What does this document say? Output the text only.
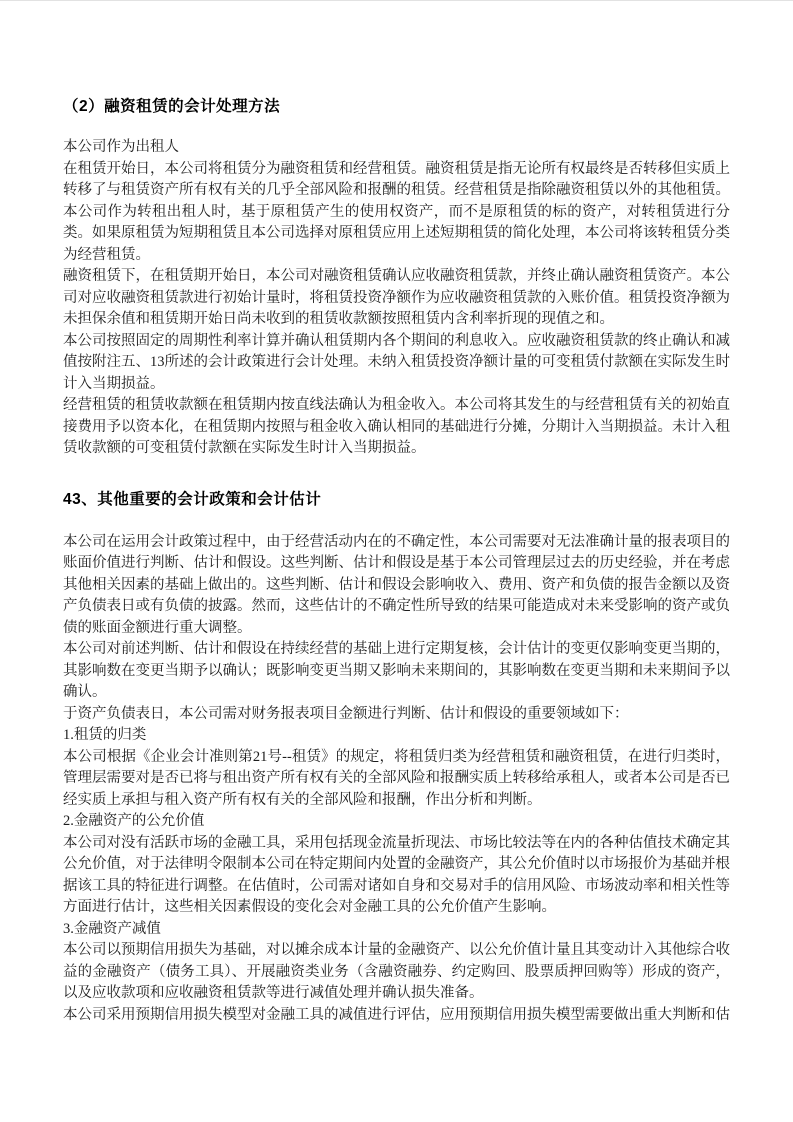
（2）融资租赁的会计处理方法

本公司作为出租人

在租赁开始日，本公司将租赁分为融资租赁和经营租赁。融资租赁是指无论所有权最终是否转移但实质上转移了与租赁资产所有权有关的几乎全部风险和报酬的租赁。经营租赁是指除融资租赁以外的其他租赁。本公司作为转租出租人时，基于原租赁产生的使用权资产，而不是原租赁的标的资产，对转租赁进行分类。如果原租赁为短期租赁且本公司选择对原租赁应用上述短期租赁的简化处理，本公司将该转租赁分类为经营租赁。

融资租赁下，在租赁期开始日，本公司对融资租赁确认应收融资租赁款，并终止确认融资租赁资产。本公司对应收融资租赁款进行初始计量时，将租赁投资净额作为应收融资租赁款的入账价值。租赁投资净额为未担保余值和租赁期开始日尚未收到的租赁收款额按照租赁内含利率折现的现值之和。

本公司按照固定的周期性利率计算并确认租赁期内各个期间的利息收入。应收融资租赁款的终止确认和减值按附注五、13所述的会计政策进行会计处理。未纳入租赁投资净额计量的可变租赁付款额在实际发生时计入当期损益。

经营租赁的租赁收款额在租赁期内按直线法确认为租金收入。本公司将其发生的与经营租赁有关的初始直接费用予以资本化，在租赁期内按照与租金收入确认相同的基础进行分摊，分期计入当期损益。未计入租赁收款额的可变租赁付款额在实际发生时计入当期损益。

43、其他重要的会计政策和会计估计

本公司在运用会计政策过程中，由于经营活动内在的不确定性，本公司需要对无法准确计量的报表项目的账面价值进行判断、估计和假设。这些判断、估计和假设是基于本公司管理层过去的历史经验，并在考虑其他相关因素的基础上做出的。这些判断、估计和假设会影响收入、费用、资产和负债的报告金额以及资产负债表日或有负债的披露。然而，这些估计的不确定性所导致的结果可能造成对未来受影响的资产或负债的账面金额进行重大调整。

本公司对前述判断、估计和假设在持续经营的基础上进行定期复核，会计估计的变更仅影响变更当期的，其影响数在变更当期予以确认；既影响变更当期又影响未来期间的，其影响数在变更当期和未来期间予以确认。

于资产负债表日，本公司需对财务报表项目金额进行判断、估计和假设的重要领域如下：

1.租赁的归类

本公司根据《企业会计准则第21号--租赁》的规定，将租赁归类为经营租赁和融资租赁，在进行归类时，管理层需要对是否已将与租出资产所有权有关的全部风险和报酬实质上转移给承租人，或者本公司是否已经实质上承担与租入资产所有权有关的全部风险和报酬，作出分析和判断。

2.金融资产的公允价值

本公司对没有活跃市场的金融工具，采用包括现金流量折现法、市场比较法等在内的各种估值技术确定其公允价值，对于法律明令限制本公司在特定期间内处置的金融资产，其公允价值时以市场报价为基础并根据该工具的特征进行调整。在估值时，公司需对诸如自身和交易对手的信用风险、市场波动率和相关性等方面进行估计，这些相关因素假设的变化会对金融工具的公允价值产生影响。

3.金融资产减值

本公司以预期信用损失为基础，对以摊余成本计量的金融资产、以公允价值计量且其变动计入其他综合收益的金融资产（债务工具）、开展融资类业务（含融资融券、约定购回、股票质押回购等）形成的资产，以及应收款项和应收融资租赁款等进行减值处理并确认损失准备。

本公司采用预期信用损失模型对金融工具的减值进行评估，应用预期信用损失模型需要做出重大判断和估
